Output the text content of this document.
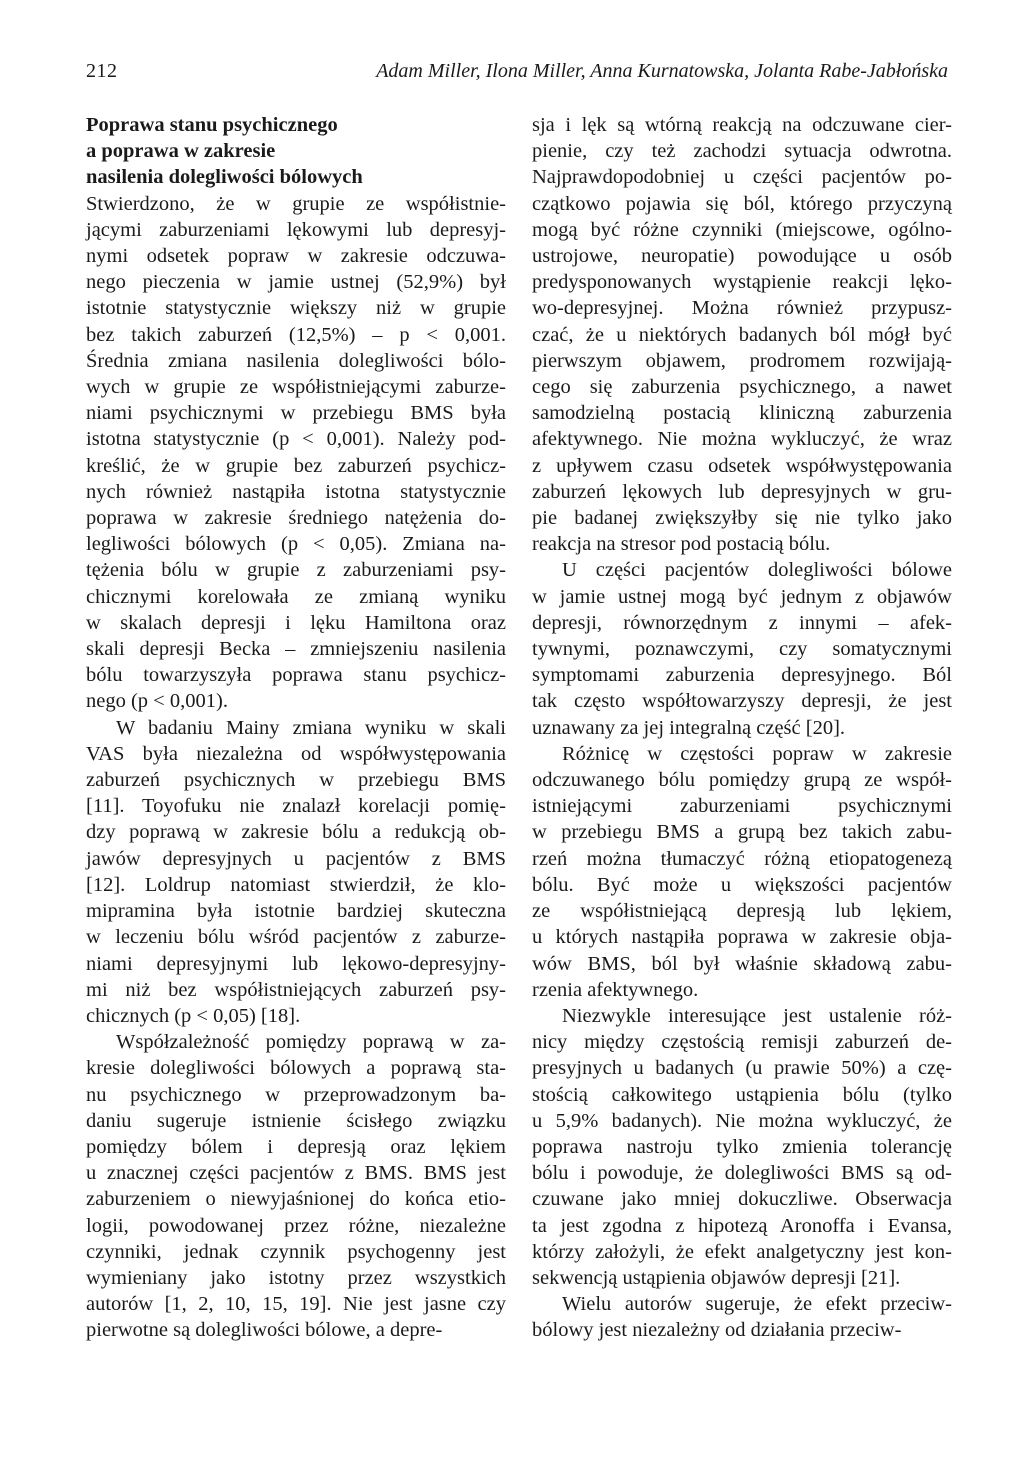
212	Adam Miller, Ilona Miller, Anna Kurnatowska, Jolanta Rabe-Jabłońska
Poprawa stanu psychicznego
a poprawa w zakresie
nasilenia dolegliwości bólowych

Stwierdzono, że w grupie ze współistnie-
jącymi zaburzeniami lękowymi lub depresyj-
nymi odsetek popraw w zakresie odczuwa-
nego pieczenia w jamie ustnej (52,9%) był
istotnie statystycznie większy niż w grupie
bez takich zaburzeń (12,5%) – p < 0,001.
Średnia zmiana nasilenia dolegliwości bólo-
wych w grupie ze współistniejącymi zaburze-
niami psychicznymi w przebiegu BMS była
istotna statystycznie (p < 0,001). Należy pod-
kreślić, że w grupie bez zaburzeń psychicz-
nych również nastąpiła istotna statystycznie
poprawa w zakresie średniego natężenia do-
legliwości bólowych (p < 0,05). Zmiana na-
tężenia bólu w grupie z zaburzeniami psy-
chicznymi korelowała ze zmianą wyniku
w skalach depresji i lęku Hamiltona oraz
skali depresji Becka – zmniejszeniu nasilenia
bólu towarzyszyła poprawa stanu psychicz-
nego (p < 0,001).

W badaniu Mainy zmiana wyniku w skali
VAS była niezależna od współwystępowania
zaburzeń psychicznych w przebiegu BMS
[11]. Toyofuku nie znalazł korelacji pomię-
dzy poprawą w zakresie bólu a redukcją ob-
jawów depresyjnych u pacjentów z BMS
[12]. Loldrup natomiast stwierdził, że klo-
mipramina była istotnie bardziej skuteczna
w leczeniu bólu wśród pacjentów z zaburze-
niami depresyjnymi lub lękowo-depresyjny-
mi niż bez współistniejących zaburzeń psy-
chicznych (p < 0,05) [18].

Współzależność pomiędzy poprawą w za-
kresie dolegliwości bólowych a poprawą sta-
nu psychicznego w przeprowadzonym ba-
daniu sugeruje istnienie ścisłego związku
pomiędzy bólem i depresją oraz lękiem
u znacznej części pacjentów z BMS. BMS jest
zaburzeniem o niewyjaśnionej do końca etio-
logii, powodowanej przez różne, niezależne
czynniki, jednak czynnik psychogenny jest
wymieniany jako istotny przez wszystkich
autorów [1, 2, 10, 15, 19]. Nie jest jasne czy
pierwotne są dolegliwości bólowe, a depre-

sja i lęk są wtórną reakcją na odczuwane cier-
pienie, czy też zachodzi sytuacja odwrotna.
Najprawdopodobniej u części pacjentów po-
czątkowo pojawia się ból, którego przyczyną
mogą być różne czynniki (miejscowe, ogólno-
ustrojowe, neuropatie) powodujące u osób
predysponowanych wystąpienie reakcji lęko-
wo-depresyjnej. Można również przypusz-
czać, że u niektórych badanych ból mógł być
pierwszym objawem, prodromem rozwijają-
cego się zaburzenia psychicznego, a nawet
samodzielną postacią kliniczną zaburzenia
afektywnego. Nie można wykluczyć, że wraz
z upływem czasu odsetek współwystępowania
zaburzeń lękowych lub depresyjnych w gru-
pie badanej zwiększyłby się nie tylko jako
reakcja na stresor pod postacią bólu.

U części pacjentów dolegliwości bólowe
w jamie ustnej mogą być jednym z objawów
depresji, równorzędnym z innymi – afek-
tywnymi, poznawczymi, czy somatycznymi
symptomami zaburzenia depresyjnego. Ból
tak często współtowarzyszy depresji, że jest
uznawany za jej integralną część [20].

Różnicę w częstości popraw w zakresie
odczuwanego bólu pomiędzy grupą ze współ-
istniejącymi zaburzeniami psychicznymi
w przebiegu BMS a grupą bez takich zabu-
rzeń można tłumaczyć różną etiopatogenezą
bólu. Być może u większości pacjentów
ze współistniejącą depresją lub lękiem,
u których nastąpiła poprawa w zakresie obja-
wów BMS, ból był właśnie składową zabu-
rzenia afektywnego.

Niezwykle interesujące jest ustalenie róż-
nicy między częstością remisji zaburzeń de-
presyjnych u badanych (u prawie 50%) a czę-
stością całkowitego ustąpienia bólu (tylko
u 5,9% badanych). Nie można wykluczyć, że
poprawa nastroju tylko zmienia tolerancję
bólu i powoduje, że dolegliwości BMS są od-
czuwane jako mniej dokuczliwe. Obserwacja
ta jest zgodna z hipotezą Aronoffa i Evansa,
którzy założyli, że efekt analgetyczny jest kon-
sekwencją ustąpienia objawów depresji [21].

Wielu autorów sugeruje, że efekt przeciw-
bólowy jest niezależny od działania przeciw-
